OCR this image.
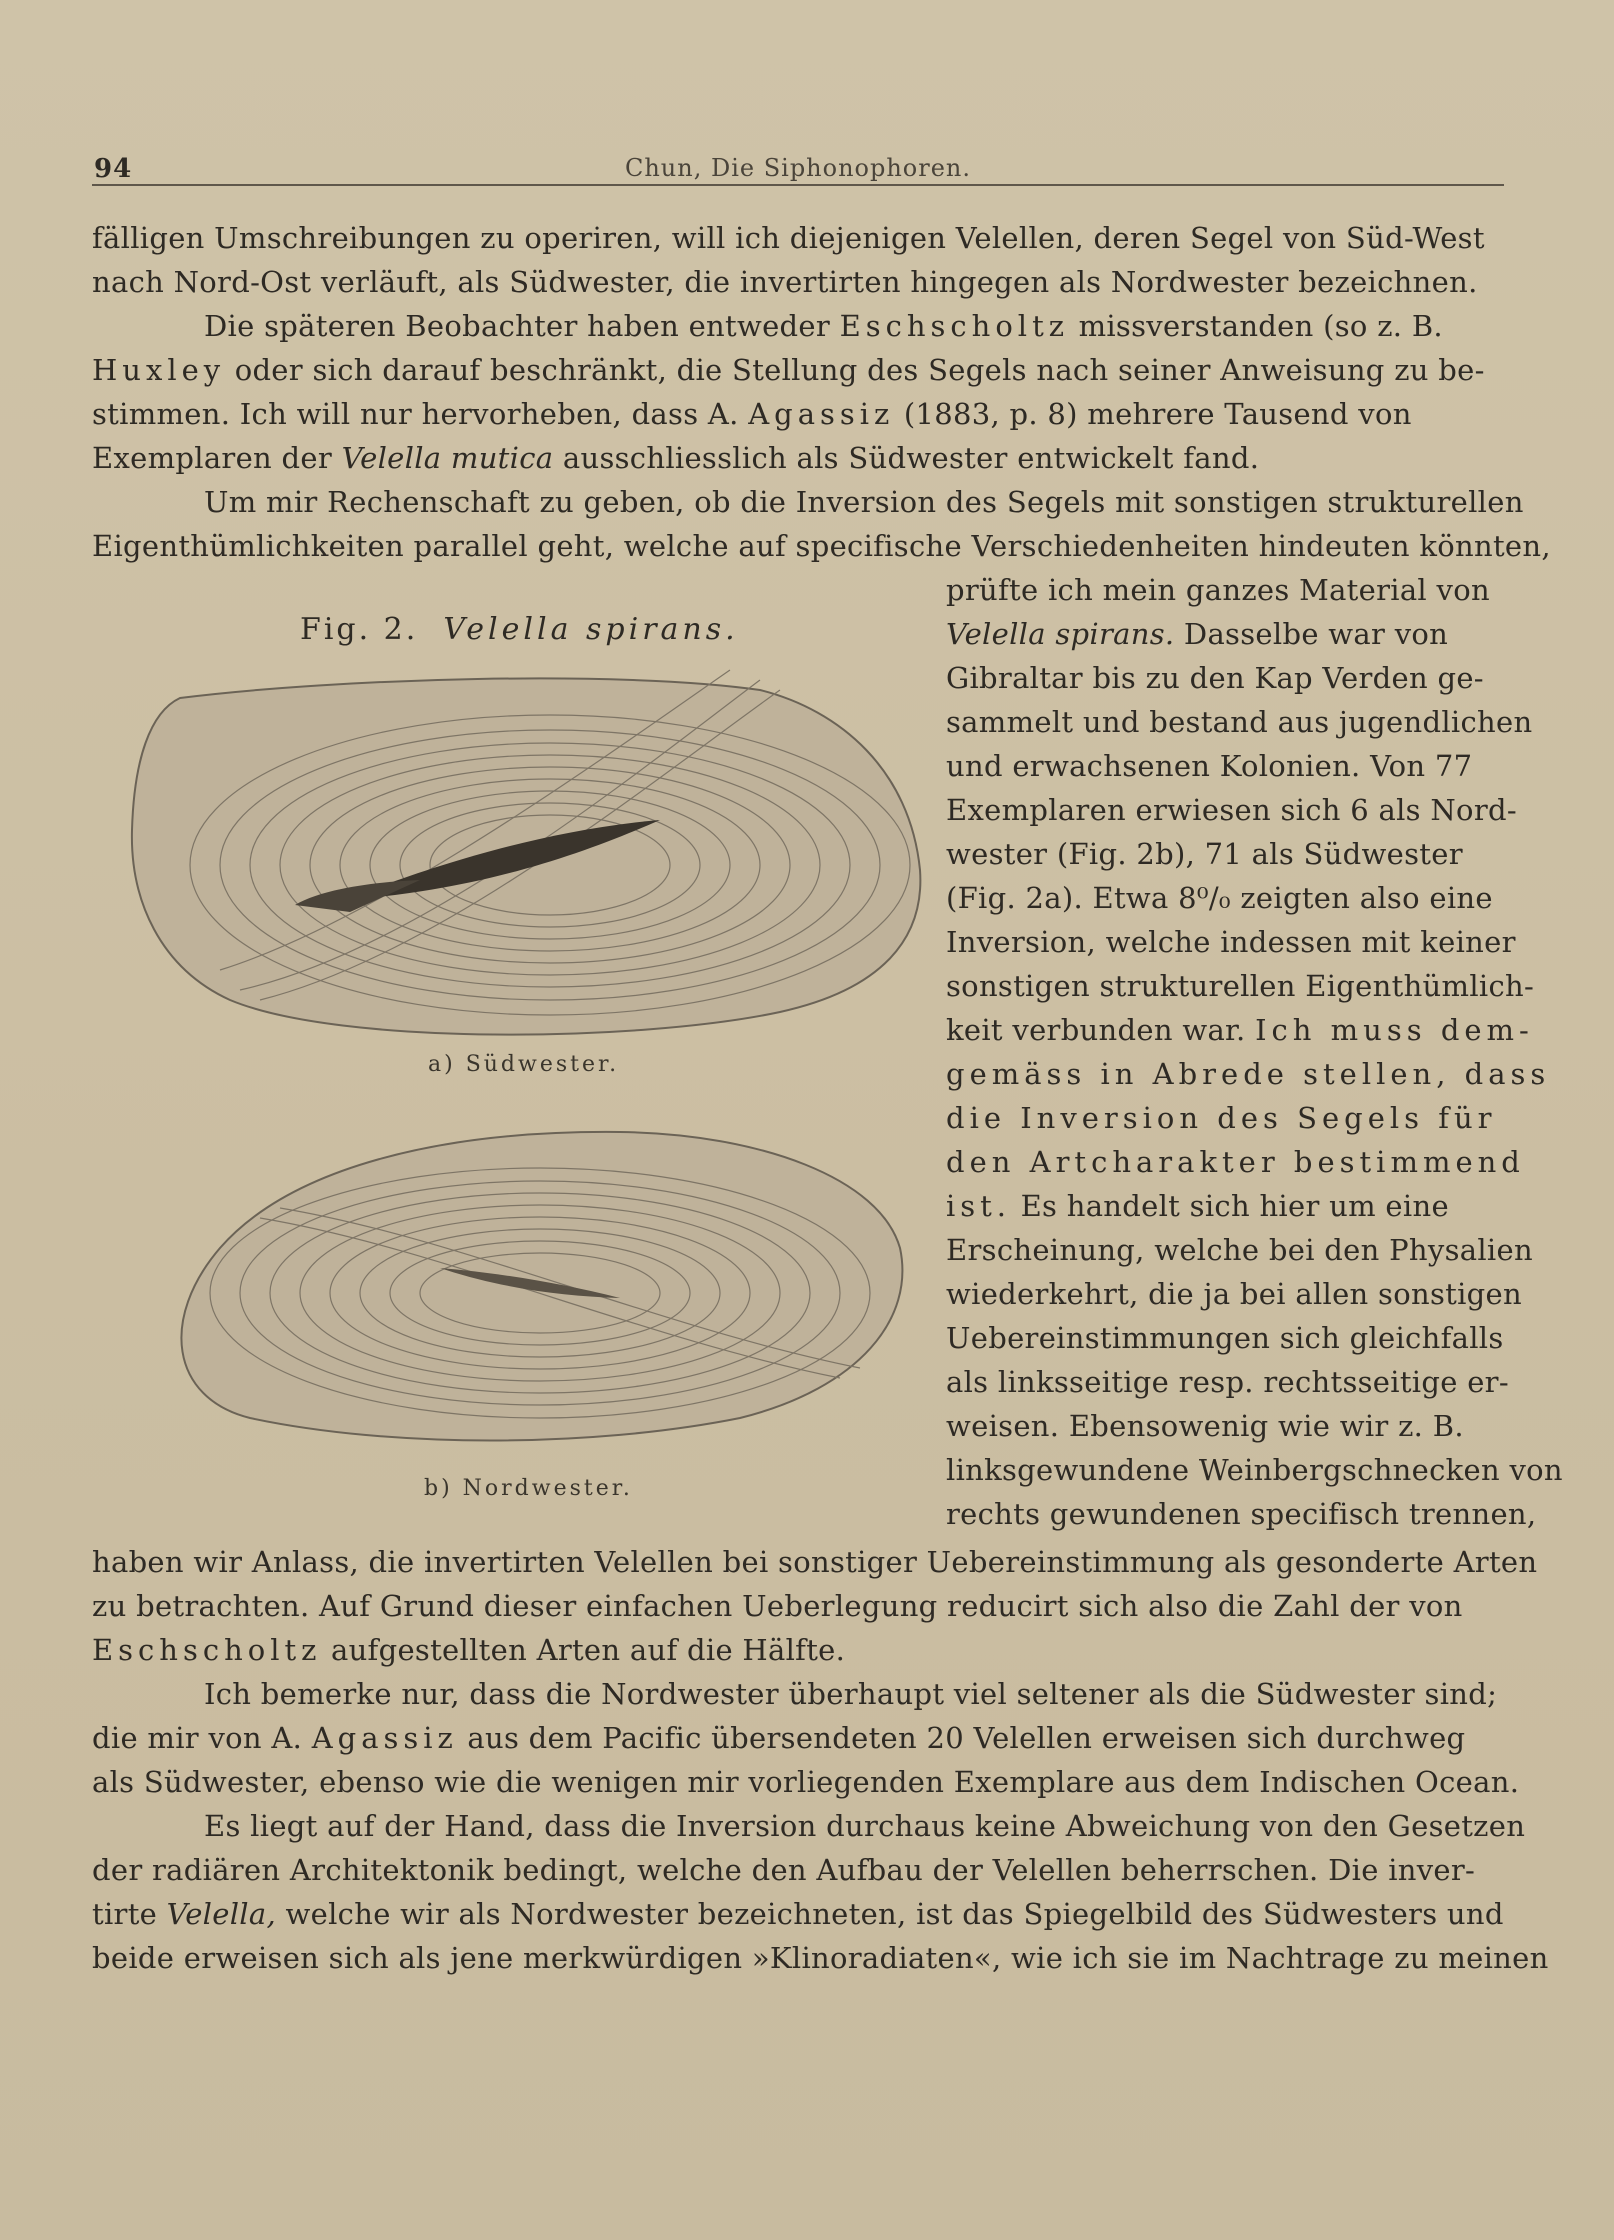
94	Chun, Die Siphonophoren.
fälligen Umschreibungen zu operiren, will ich diejenigen Velellen, deren Segel von Süd-West
nach Nord-Ost verläuft, als Südwester, die invertirten hingegen als Nordwester bezeichnen.
Die späteren Beobachter haben entweder Eschscholtz missverstanden (so z. B.
Huxley oder sich darauf beschränkt, die Stellung des Segels nach seiner Anweisung zu be-
stimmen. Ich will nur hervorheben, dass A. Agassiz (1883, p. 8) mehrere Tausend von
Exemplaren der Velella mutica ausschliesslich als Südwester entwickelt fand.
Um mir Rechenschaft zu geben, ob die Inversion des Segels mit sonstigen strukturellen
Eigenthümlichkeiten parallel geht, welche auf specifische Verschiedenheiten hindeuten könnten,
Fig. 2. Velella spirans.
a) Südwester.
b) Nordwester.
prüfte ich mein ganzes Material von
Velella spirans. Dasselbe war von
Gibraltar bis zu den Kap Verden ge-
sammelt und bestand aus jugendlichen
und erwachsenen Kolonien. Von 77
Exemplaren erwiesen sich 6 als Nord-
wester (Fig. 2b), 71 als Südwester
(Fig. 2a). Etwa 8⁰/₀ zeigten also eine
Inversion, welche indessen mit keiner
sonstigen strukturellen Eigenthümlich-
keit verbunden war. Ich muss dem-
gemäss in Abrede stellen, dass
die Inversion des Segels für
den Artcharakter bestimmend
ist. Es handelt sich hier um eine
Erscheinung, welche bei den Physalien
wiederkehrt, die ja bei allen sonstigen
Uebereinstimmungen sich gleichfalls
als linksseitige resp. rechtsseitige er-
weisen. Ebensowenig wie wir z. B.
linksgewundene Weinbergschnecken von
rechts gewundenen specifisch trennen,
haben wir Anlass, die invertirten Velellen bei sonstiger Uebereinstimmung als gesonderte Arten
zu betrachten. Auf Grund dieser einfachen Ueberlegung reducirt sich also die Zahl der von
Eschscholtz aufgestellten Arten auf die Hälfte.
Ich bemerke nur, dass die Nordwester überhaupt viel seltener als die Südwester sind;
die mir von A. Agassiz aus dem Pacific übersendeten 20 Velellen erweisen sich durchweg
als Südwester, ebenso wie die wenigen mir vorliegenden Exemplare aus dem Indischen Ocean.
Es liegt auf der Hand, dass die Inversion durchaus keine Abweichung von den Gesetzen
der radiären Architektonik bedingt, welche den Aufbau der Velellen beherrschen. Die inver-
tirte Velella, welche wir als Nordwester bezeichneten, ist das Spiegelbild des Südwesters und
beide erweisen sich als jene merkwürdigen »Klinoradiaten«, wie ich sie im Nachtrage zu meinen
